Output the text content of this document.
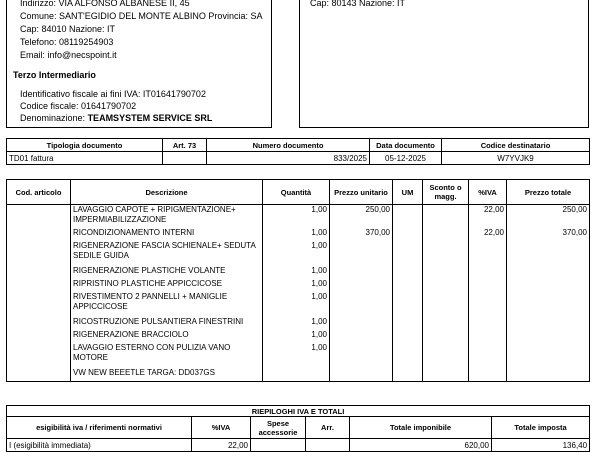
Indirizzo: VIA ALFONSO ALBANESE II, 45
Comune: SANT'EGIDIO DEL MONTE ALBINO Provincia: SA
Cap: 84010 Nazione: IT
Telefono: 08119254903
Email: info@necspoint.it
Terzo Intermediario
Identificativo fiscale ai fini IVA: IT01641790702
Codice fiscale: 01641790702
Denominazione: TEAMSYSTEM SERVICE SRL
Cap: 80143 Nazione: IT
Tipologia documento	Art. 73	Numero documento	Data documento	Codice destinatario
TD01 fattura		833/2025	05-12-2025	W7YVJK9
Cod. articolo	Descrizione	Quantità	Prezzo unitario	UM	Sconto o magg.	%IVA	Prezzo totale
	LAVAGGIO CAPOTE + RIPIGMENTAZIONE+ IMPERMIABILIZZAZIONE	1,00	250,00			22,00	250,00
	RICONDIZIONAMENTO INTERNI	1,00	370,00			22,00	370,00
	RIGENERAZIONE FASCIA SCHIENALE+ SEDUTA SEDILE GUIDA	1,00					
	RIGENERAZIONE PLASTICHE VOLANTE	1,00					
	RIPRISTINO PLASTICHE APPICCICOSE	1,00					
	RIVESTIMENTO 2 PANNELLI + MANIGLIE APPICCICOSE	1,00					
	RICOSTRUZIONE PULSANTIERA FINESTRINI	1,00					
	RIGENERAZIONE BRACCIOLO	1,00					
	LAVAGGIO ESTERNO CON PULIZIA VANO MOTORE	1,00					
	VW NEW BEEETLE TARGA: DD037GS						
RIEPILOGHI IVA E TOTALI					
esigibilità iva / riferimenti normativi	%IVA	Spese accessorie	Arr.	Totale imponibile	Totale imposta
I (esigibilità immediata)	22,00			620,00	136,40
